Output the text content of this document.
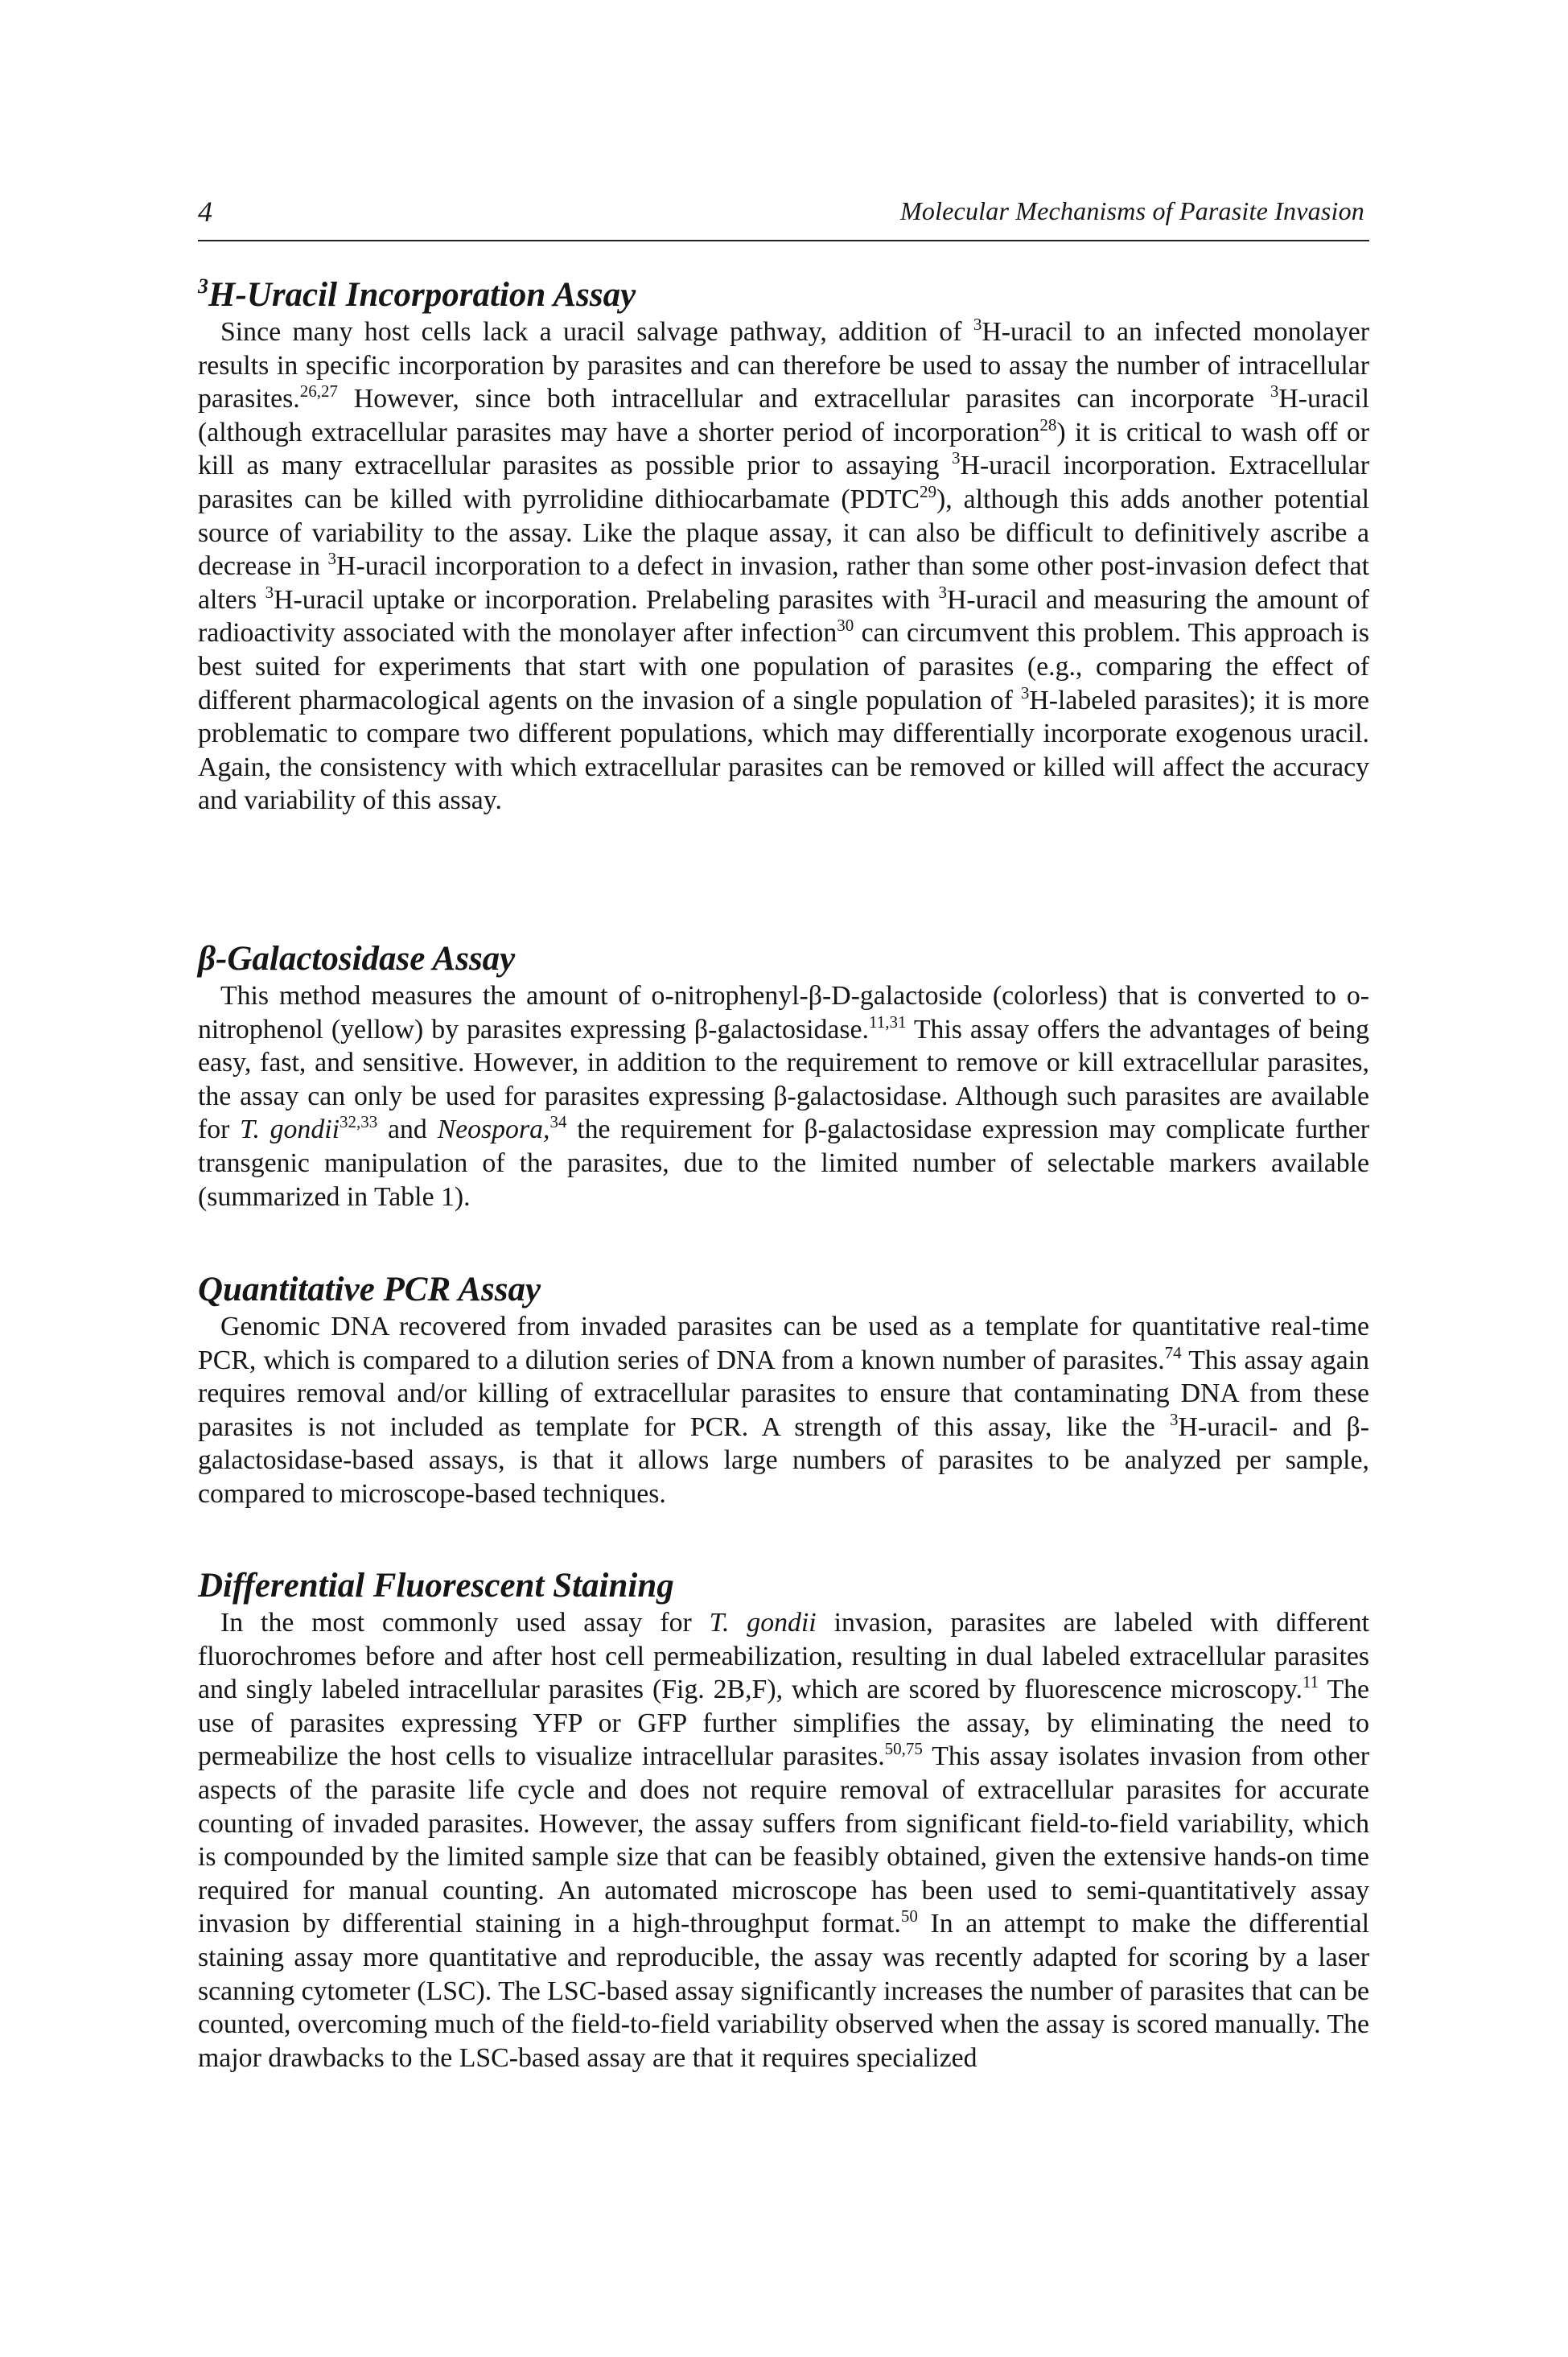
4	Molecular Mechanisms of Parasite Invasion
$^3$H-Uracil Incorporation Assay

Since many host cells lack a uracil salvage pathway, addition of $^3$H-uracil to an infected monolayer results in specific incorporation by parasites and can therefore be used to assay the number of intracellular parasites.$^{26,27}$ However, since both intracellular and extracellular parasites can incorporate $^3$H-uracil (although extracellular parasites may have a shorter period of incorporation$^{28}$) it is critical to wash off or kill as many extracellular parasites as possible prior to assaying $^3$H-uracil incorporation. Extracellular parasites can be killed with pyrrolidine dithiocarbamate (PDTC$^{29}$), although this adds another potential source of variability to the assay. Like the plaque assay, it can also be difficult to definitively ascribe a decrease in $^3$H-uracil incorporation to a defect in invasion, rather than some other post-invasion defect that alters $^3$H-uracil uptake or incorporation. Prelabeling parasites with $^3$H-uracil and measuring the amount of radioactivity associated with the monolayer after infection$^{30}$ can circumvent this problem. This approach is best suited for experiments that start with one population of parasites (e.g., comparing the effect of different pharmacological agents on the invasion of a single population of $^3$H-labeled parasites); it is more problematic to compare two different populations, which may differentially incorporate exogenous uracil. Again, the consistency with which extracellular parasites can be removed or killed will affect the accuracy and variability of this assay.

β-Galactosidase Assay

This method measures the amount of o-nitrophenyl-β-D-galactoside (colorless) that is converted to o-nitrophenol (yellow) by parasites expressing β-galactosidase.$^{11,31}$ This assay offers the advantages of being easy, fast, and sensitive. However, in addition to the requirement to remove or kill extracellular parasites, the assay can only be used for parasites expressing β-galactosidase. Although such parasites are available for T. gondii$^{32,33}$ and Neospora,$^{34}$ the requirement for β-galactosidase expression may complicate further transgenic manipulation of the parasites, due to the limited number of selectable markers available (summarized in Table 1).

Quantitative PCR Assay

Genomic DNA recovered from invaded parasites can be used as a template for quantitative real-time PCR, which is compared to a dilution series of DNA from a known number of parasites.$^{74}$ This assay again requires removal and/or killing of extracellular parasites to ensure that contaminating DNA from these parasites is not included as template for PCR. A strength of this assay, like the $^3$H-uracil- and β-galactosidase-based assays, is that it allows large numbers of parasites to be analyzed per sample, compared to microscope-based techniques.

Differential Fluorescent Staining

In the most commonly used assay for T. gondii invasion, parasites are labeled with different fluorochromes before and after host cell permeabilization, resulting in dual labeled extracellular parasites and singly labeled intracellular parasites (Fig. 2B,F), which are scored by fluorescence microscopy.$^{11}$ The use of parasites expressing YFP or GFP further simplifies the assay, by eliminating the need to permeabilize the host cells to visualize intracellular parasites.$^{50,75}$ This assay isolates invasion from other aspects of the parasite life cycle and does not require removal of extracellular parasites for accurate counting of invaded parasites. However, the assay suffers from significant field-to-field variability, which is compounded by the limited sample size that can be feasibly obtained, given the extensive hands-on time required for manual counting. An automated microscope has been used to semi-quantitatively assay invasion by differential staining in a high-throughput format.$^{50}$ In an attempt to make the differential staining assay more quantitative and reproducible, the assay was recently adapted for scoring by a laser scanning cytometer (LSC). The LSC-based assay significantly increases the number of parasites that can be counted, overcoming much of the field-to-field variability observed when the assay is scored manually. The major drawbacks to the LSC-based assay are that it requires specialized
